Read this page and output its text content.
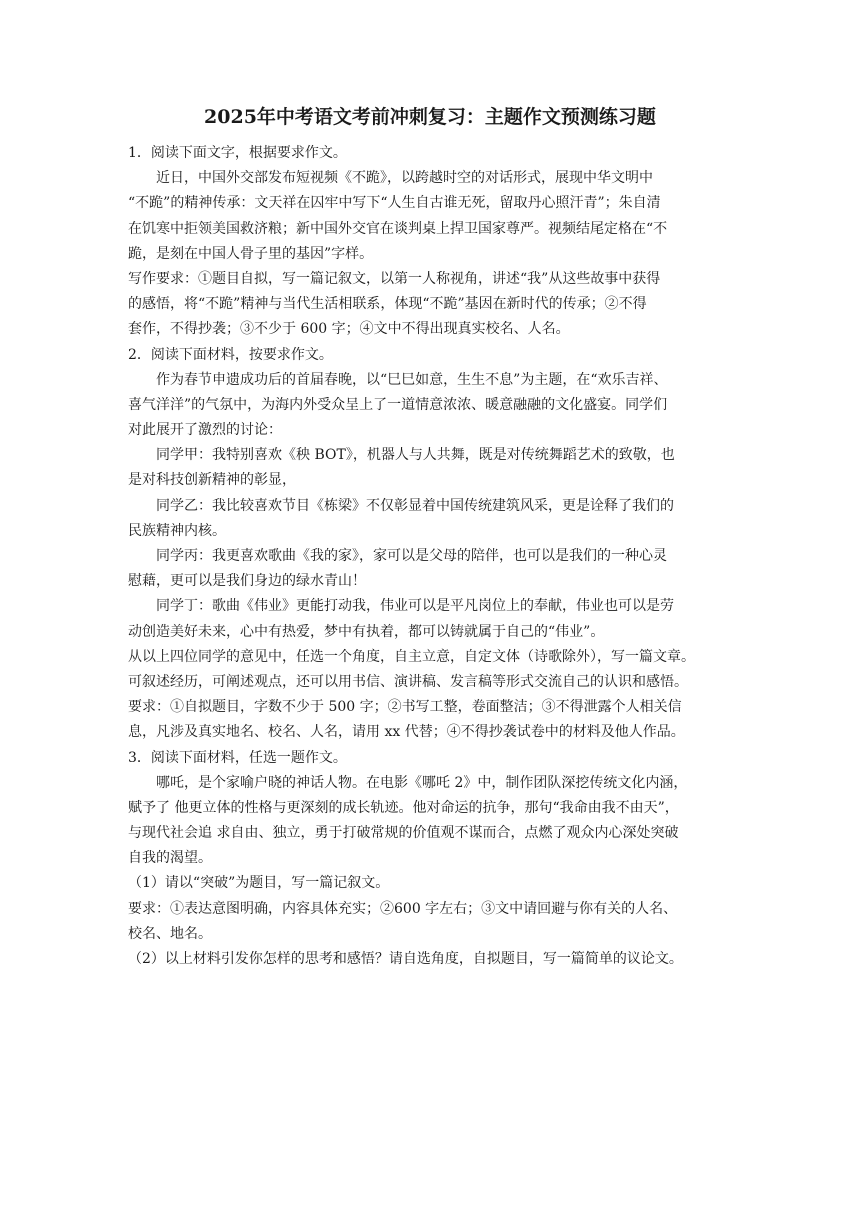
2025年中考语文考前冲刺复习：主题作文预测练习题
1．阅读下面文字，根据要求作文。
近日，中国外交部发布短视频《不跪》，以跨越时空的对话形式，展现中华文明中
“不跪”的精神传承：文天祥在囚牢中写下“人生自古谁无死，留取丹心照汗青”；朱自清
在饥寒中拒领美国救济粮；新中国外交官在谈判桌上捍卫国家尊严。视频结尾定格在“不
跪，是刻在中国人骨子里的基因”字样。
写作要求：①题目自拟，写一篇记叙文，以第一人称视角，讲述“我”从这些故事中获得
的感悟，将“不跪”精神与当代生活相联系，体现“不跪”基因在新时代的传承；②不得
套作，不得抄袭；③不少于 600 字；④文中不得出现真实校名、人名。
2．阅读下面材料，按要求作文。
作为春节申遗成功后的首届春晚，以“巳巳如意，生生不息”为主题，在“欢乐吉祥、
喜气洋洋”的气氛中，为海内外受众呈上了一道情意浓浓、暖意融融的文化盛宴。同学们
对此展开了激烈的讨论：
同学甲：我特别喜欢《秧 BOT》，机器人与人共舞，既是对传统舞蹈艺术的致敬，也
是对科技创新精神的彰显，
同学乙：我比较喜欢节目《栋梁》不仅彰显着中国传统建筑风采，更是诠释了我们的
民族精神内核。
同学丙：我更喜欢歌曲《我的家》，家可以是父母的陪伴，也可以是我们的一种心灵
慰藉，更可以是我们身边的绿水青山！
同学丁：歌曲《伟业》更能打动我，伟业可以是平凡岗位上的奉献，伟业也可以是劳
动创造美好未来，心中有热爱，梦中有执着，都可以铸就属于自己的“伟业”。
从以上四位同学的意见中，任选一个角度，自主立意，自定文体（诗歌除外），写一篇文章。
可叙述经历，可阐述观点，还可以用书信、演讲稿、发言稿等形式交流自己的认识和感悟。
要求：①自拟题目，字数不少于 500 字；②书写工整，卷面整洁；③不得泄露个人相关信
息，凡涉及真实地名、校名、人名，请用 xx 代替；④不得抄袭试卷中的材料及他人作品。
3．阅读下面材料，任选一题作文。
哪吒，是个家喻户晓的神话人物。在电影《哪吒 2》中，制作团队深挖传统文化内涵，
赋予了 他更立体的性格与更深刻的成长轨迹。他对命运的抗争，那句“我命由我不由天”，
与现代社会追 求自由、独立，勇于打破常规的价值观不谋而合，点燃了观众内心深处突破
自我的渴望。
（1）请以“突破”为题目，写一篇记叙文。
要求：①表达意图明确，内容具体充实；②600 字左右；③文中请回避与你有关的人名、
校名、地名。
（2）以上材料引发你怎样的思考和感悟？请自选角度，自拟题目，写一篇简单的议论文。
